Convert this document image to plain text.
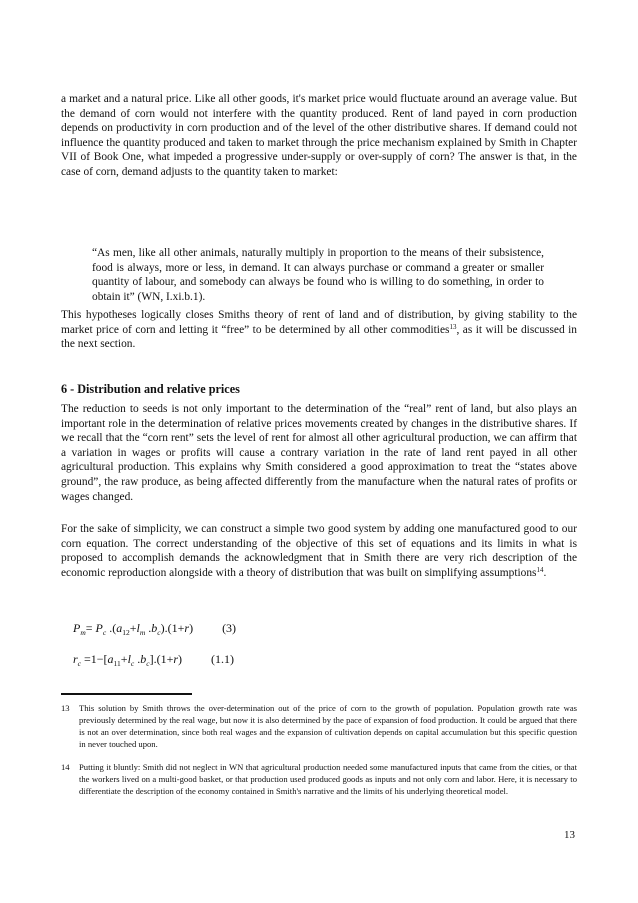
a market and a natural price. Like all other goods, it's market price would fluctuate around an average value. But the demand of corn would not interfere with the quantity produced. Rent of land payed in corn production depends on productivity in corn production and of the level of the other distributive shares. If demand could not influence the quantity produced and taken to market through the price mechanism explained by Smith in Chapter VII of Book One, what impeded a progressive under-supply or over-supply of corn? The answer is that, in the case of corn, demand adjusts to the quantity taken to market:

“As men, like all other animals, naturally multiply in proportion to the means of their subsistence, food is always, more or less, in demand. It can always purchase or command a greater or smaller quantity of labour, and somebody can always be found who is willing to do something, in order to obtain it” (WN, I.xi.b.1).

This hypotheses logically closes Smiths theory of rent of land and of distribution, by giving stability to the market price of corn and letting it “free” to be determined by all other commodities$^{13}$, as it will be discussed in the next section.

6 - Distribution and relative prices

The reduction to seeds is not only important to the determination of the “real” rent of land, but also plays an important role in the determination of relative prices movements created by changes in the distributive shares. If we recall that the “corn rent” sets the level of rent for almost all other agricultural production, we can affirm that a variation in wages or profits will cause a contrary variation in the rate of land rent payed in all other agricultural production. This explains why Smith considered a good approximation to treat the “states above ground”, the raw produce, as being affected differently from the manufacture when the natural rates of profits or wages changed.

For the sake of simplicity, we can construct a simple two good system by adding one manufactured good to our corn equation. The correct understanding of the objective of this set of equations and its limits in what is proposed to accomplish demands the acknowledgment that in Smith there are very rich description of the economic reproduction alongside with a theory of distribution that was built on simplifying assumptions$^{14}$.

$P_m= P_c$ $.(a_{12}+l_m$ $.b_c).(1+r)$ (3)
$r_c =1-[a_{11}+l_c$ $.b_c].(1+r)$ (1.1)
13 This solution by Smith throws the over-determination out of the price of corn to the growth of population. Population growth rate was previously determined by the real wage, but now it is also determined by the pace of expansion of food production. It could be argued that there is not an over determination, since both real wages and the expansion of cultivation depends on capital accumulation but this specific question in never touched upon.
14 Putting it bluntly: Smith did not neglect in WN that agricultural production needed some manufactured inputs that came from the cities, or that the workers lived on a multi-good basket, or that production used produced goods as inputs and not only corn and labor. Here, it is necessary to differentiate the description of the economy contained in Smith's narrative and the limits of his underlying theoretical model.
13
